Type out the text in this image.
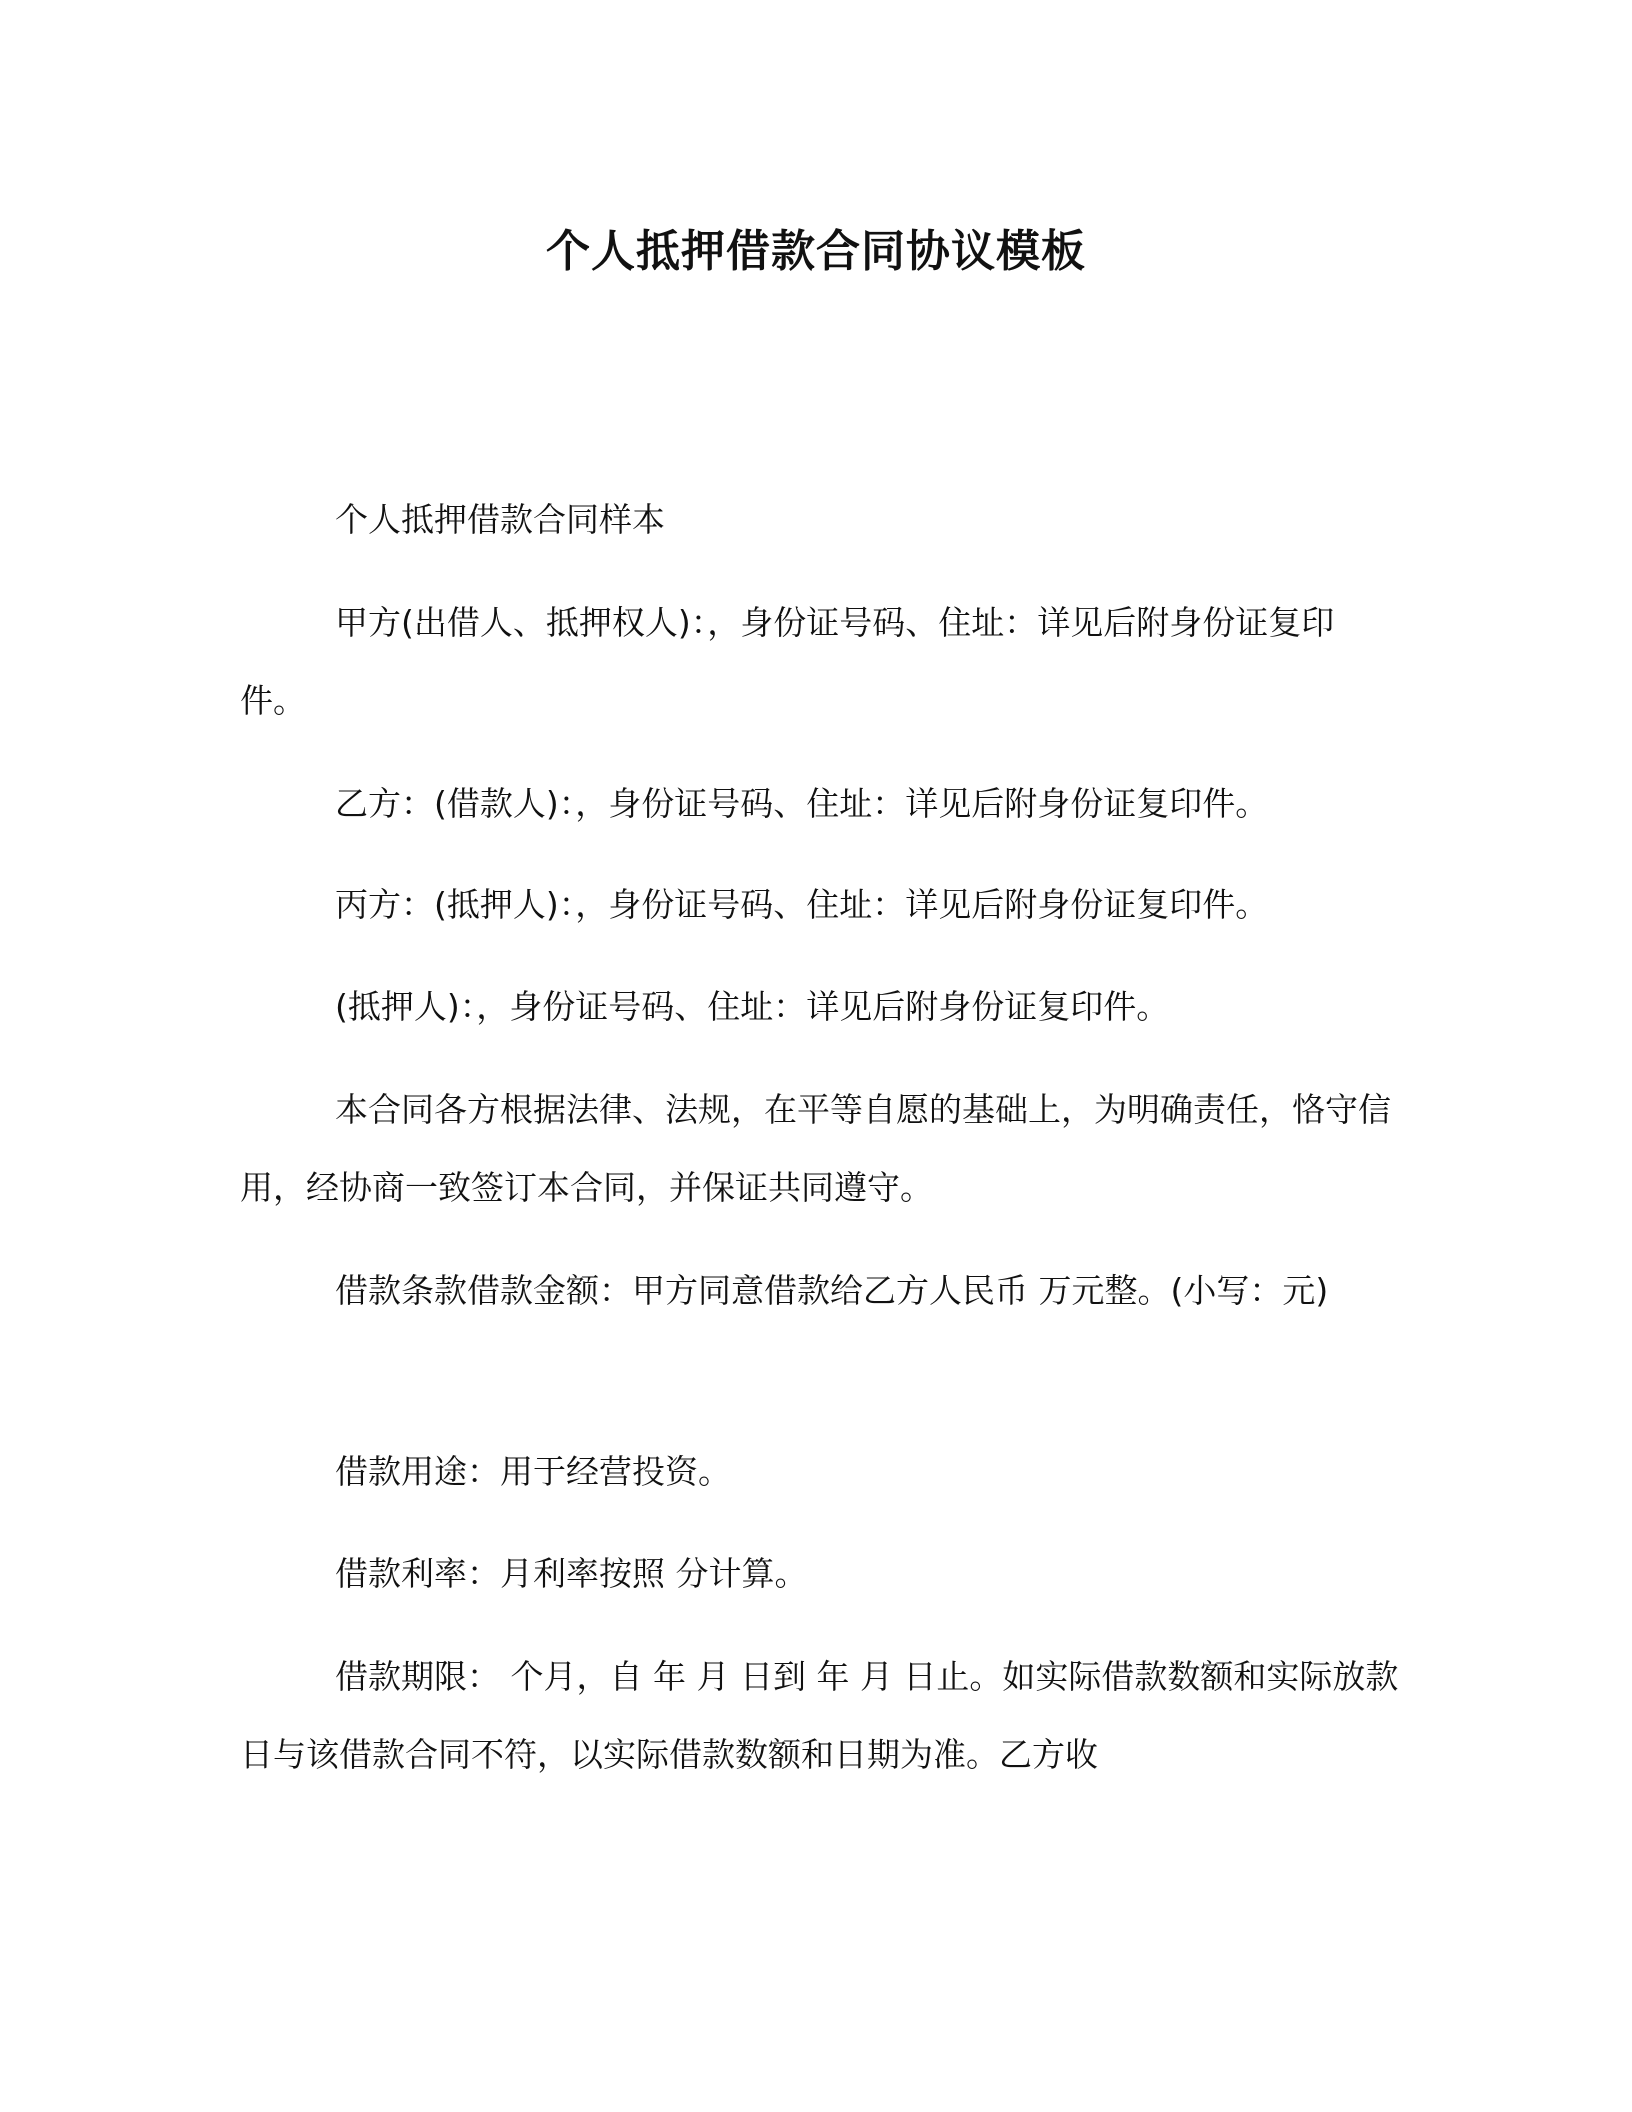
个人抵押借款合同协议模板

个人抵押借款合同样本

甲方(出借人、抵押权人)：，身份证号码、住址：详见后附身份证复印件。

乙方：(借款人)：，身份证号码、住址：详见后附身份证复印件。

丙方：(抵押人)：，身份证号码、住址：详见后附身份证复印件。

(抵押人)：，身份证号码、住址：详见后附身份证复印件。

本合同各方根据法律、法规，在平等自愿的基础上，为明确责任，恪守信用，经协商一致签订本合同，并保证共同遵守。

借款条款借款金额：甲方同意借款给乙方人民币 万元整。(小写：元)

借款用途：用于经营投资。

借款利率：月利率按照 分计算。

借款期限： 个月，自 年 月 日到 年 月 日止。如实际借款数额和实际放款日与该借款合同不符，以实际借款数额和日期为准。乙方收
